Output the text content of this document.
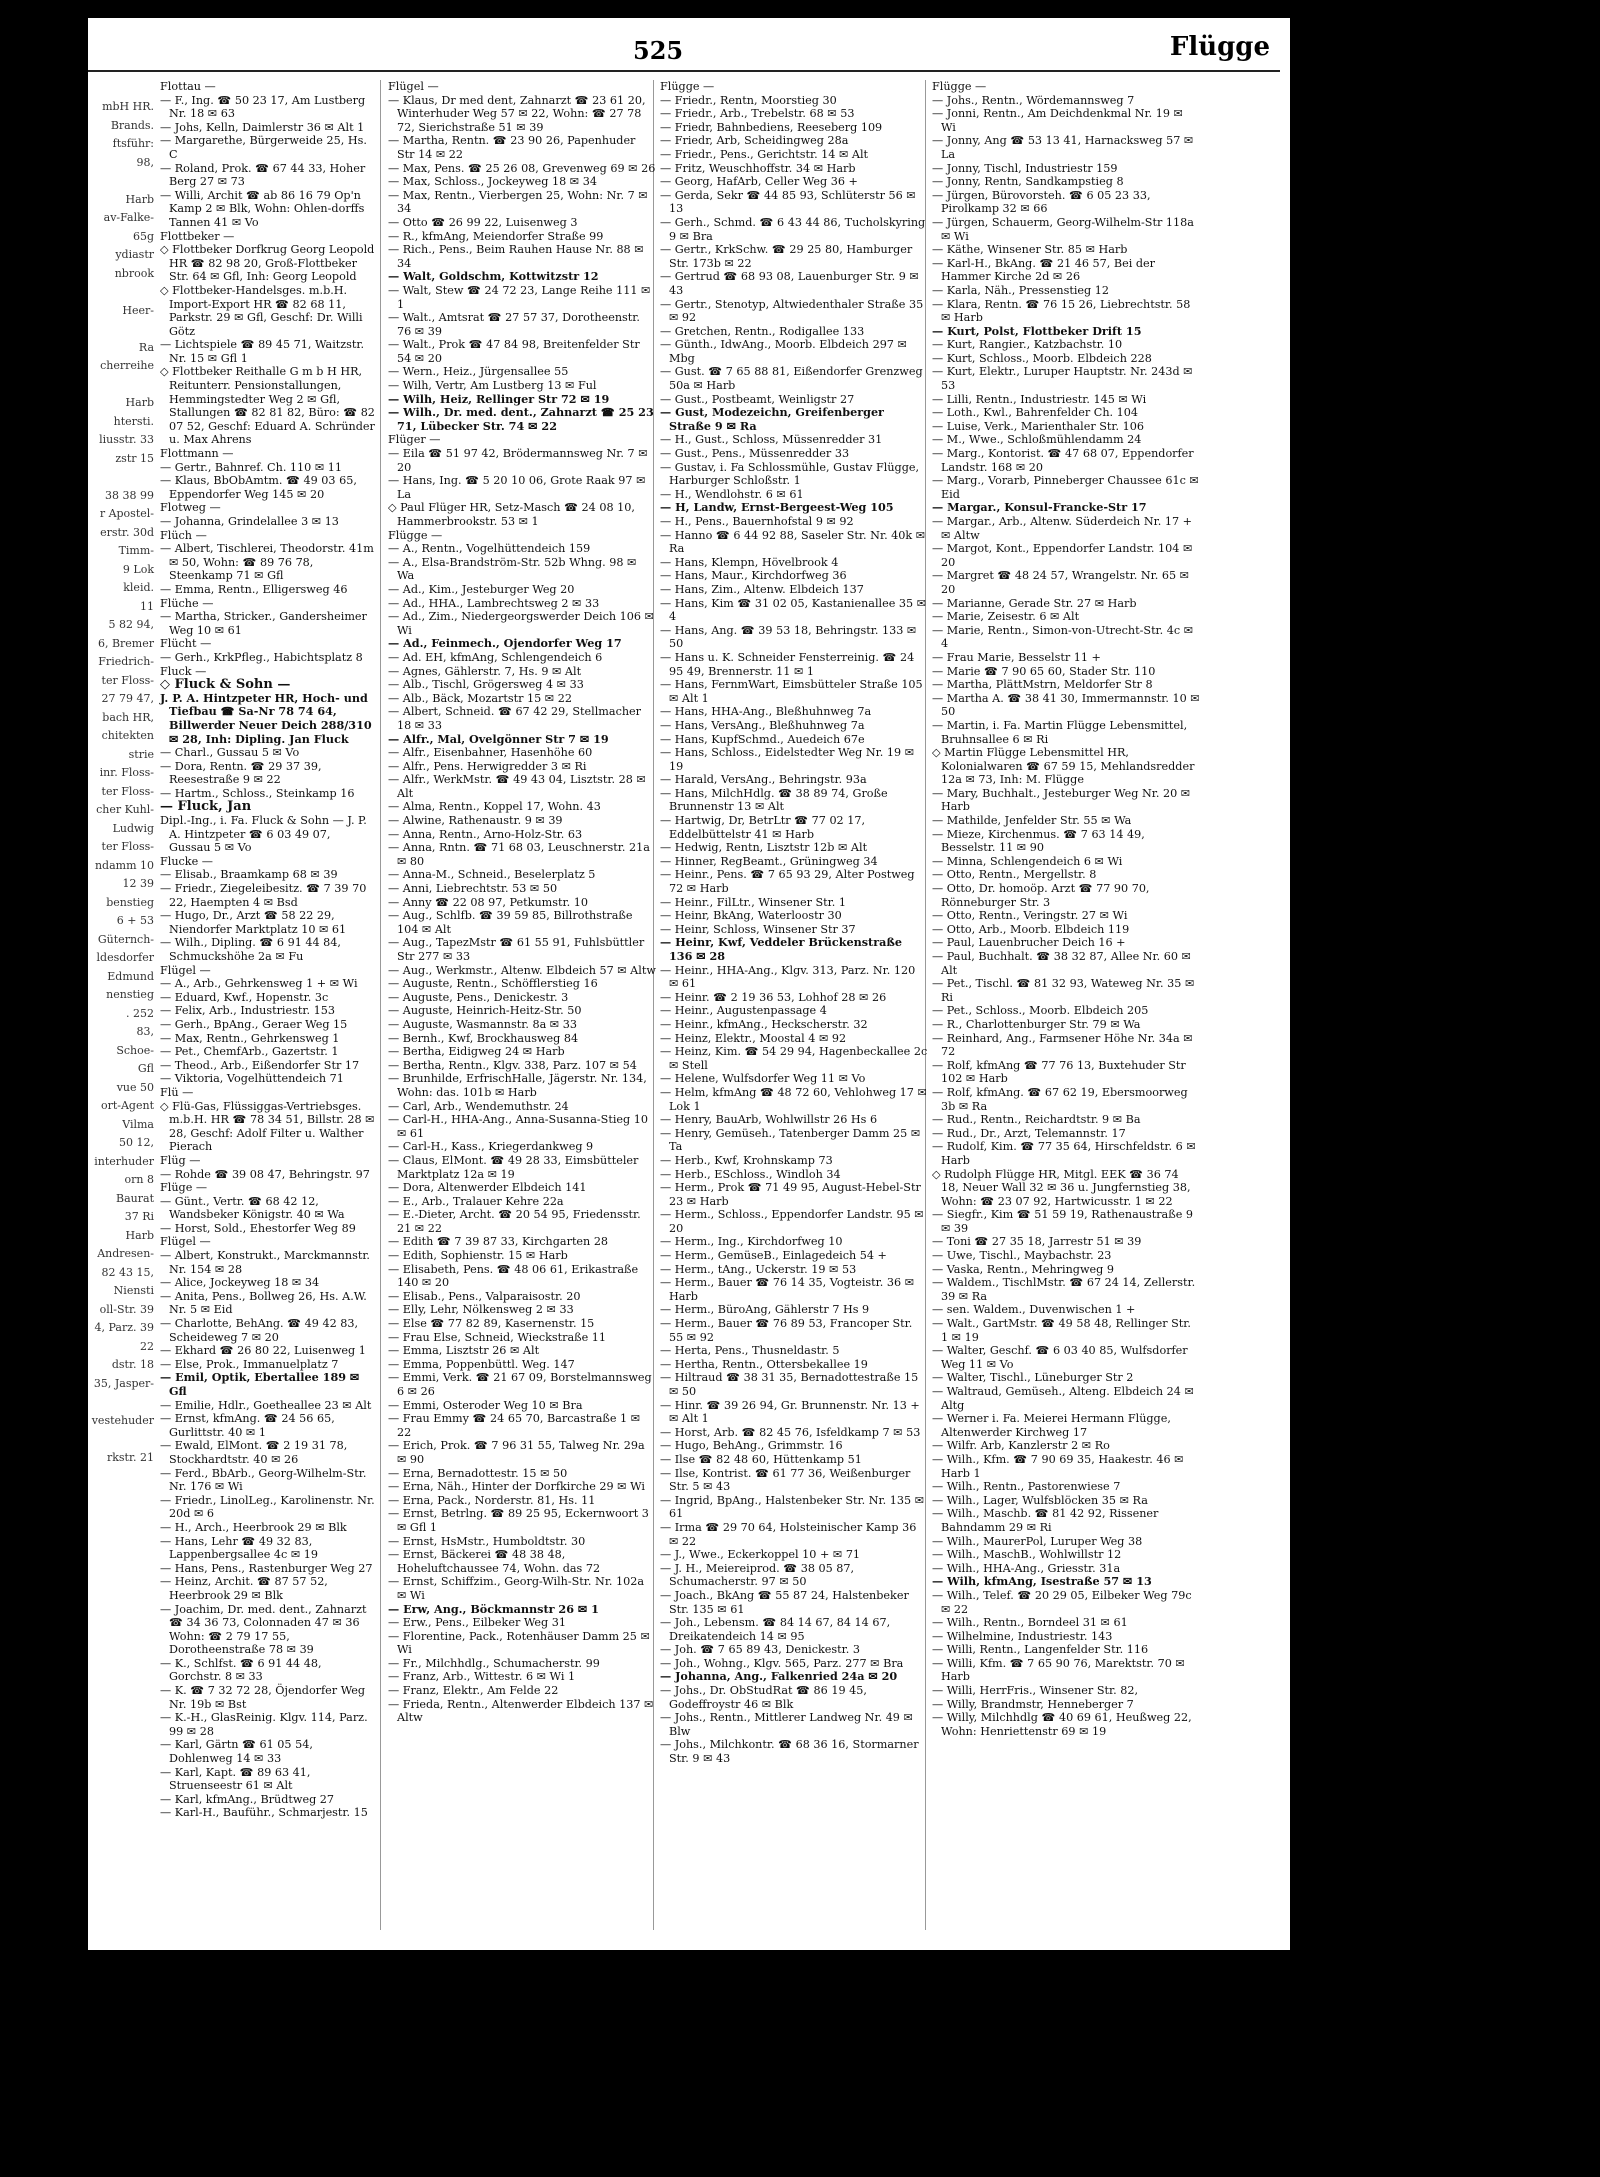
mbH HR.
Brands.
ftsführ:
98,

Harb
av-Falke-
65g
ydiastr
nbrook

Heer-

Ra
cherreihe

Harb
htersti.
liusstr. 33
zstr 15

38 38 99
r Apostel-
erstr. 30d
Timm-
9 Lok
kleid.
11
5 82 94,
6, Bremer
Friedrich-
ter Floss-
27 79 47,
bach HR,
chitekten
strie
inr. Floss-
ter Floss-
cher Kuhl-
Ludwig
ter Floss-
ndamm 10
12 39
benstieg
6 + 53
Güternch-
ldesdorfer
Edmund
nenstieg
. 252
83,
Schoe-
Gfl
vue 50
ort-Agent
Vilma
50 12,
interhuder
orn 8
Baurat
37 Ri
Harb
Andresen-
82 43 15,
Niensti
oll-Str. 39
4, Parz. 39
22
dstr. 18
35, Jasper-

vestehuder

rkstr. 21
525	Flügge

Flottau —

— F., Ing. ☎ 50 23 17, Am Lustberg Nr. 18 ✉ 63

— Johs, Kelln, Daimlerstr 36 ✉ Alt 1

— Margarethe, Bürgerweide 25, Hs. C

— Roland, Prok. ☎ 67 44 33, Hoher Berg 27 ✉ 73

— Willi, Archit ☎ ab 86 16 79 Op'n Kamp 2 ✉ Blk, Wohn: Ohlen-dorffs Tannen 41 ✉ Vo

Flottbeker —

◇ Flottbeker Dorfkrug Georg Leopold HR ☎ 82 98 20, Groß-Flottbeker Str. 64 ✉ Gfl, Inh: Georg Leopold

◇ Flottbeker-Handelsges. m.b.H. Import-Export HR ☎ 82 68 11, Parkstr. 29 ✉ Gfl, Geschf: Dr. Willi Götz

— Lichtspiele ☎ 89 45 71, Waitzstr. Nr. 15 ✉ Gfl 1

◇ Flottbeker Reithalle G m b H HR, Reitunterr. Pensionstallungen, Hemmingstedter Weg 2 ✉ Gfl, Stallungen ☎ 82 81 82, Büro: ☎ 82 07 52, Geschf: Eduard A. Schründer u. Max Ahrens

Flottmann —

— Gertr., Bahnref. Ch. 110 ✉ 11

— Klaus, BbObAmtm. ☎ 49 03 65, Eppendorfer Weg 145 ✉ 20

Flotweg —

— Johanna, Grindelallee 3 ✉ 13

Flüch —

— Albert, Tischlerei, Theodorstr. 41m ✉ 50, Wohn: ☎ 89 76 78, Steenkamp 71 ✉ Gfl

— Emma, Rentn., Elligersweg 46

Flüche —

— Martha, Stricker., Gandersheimer Weg 10 ✉ 61

Flücht —

— Gerh., KrkPfleg., Habichtsplatz 8

Fluck —

◇ Fluck & Sohn —

J. P. A. Hintzpeter HR, Hoch- und Tiefbau ☎ Sa-Nr 78 74 64, Billwerder Neuer Deich 288/310 ✉ 28, Inh: Dipling. Jan Fluck

— Charl., Gussau 5 ✉ Vo

— Dora, Rentn. ☎ 29 37 39, Reesestraße 9 ✉ 22

— Hartm., Schloss., Steinkamp 16

— Fluck, Jan

Dipl.-Ing., i. Fa. Fluck & Sohn — J. P. A. Hintzpeter ☎ 6 03 49 07, Gussau 5 ✉ Vo

Flucke —

— Elisab., Braamkamp 68 ✉ 39

— Friedr., Ziegeleibesitz. ☎ 7 39 70 22, Haempten 4 ✉ Bsd

— Hugo, Dr., Arzt ☎ 58 22 29, Niendorfer Marktplatz 10 ✉ 61

— Wilh., Dipling. ☎ 6 91 44 84, Schmuckshöhe 2a ✉ Fu

Flügel —

— A., Arb., Gehrkensweg 1 + ✉ Wi

— Eduard, Kwf., Hopenstr. 3c

— Felix, Arb., Industriestr. 153

— Gerh., BpAng., Geraer Weg 15

— Max, Rentn., Gehrkensweg 1

— Pet., ChemfArb., Gazertstr. 1

— Theod., Arb., Eißendorfer Str 17

— Viktoria, Vogelhüttendeich 71

Flü —

◇ Flü-Gas, Flüssiggas-Vertriebsges. m.b.H. HR ☎ 78 34 51, Billstr. 28 ✉ 28, Geschf: Adolf Filter u. Walther Pierach

Flüg —

— Rohde ☎ 39 08 47, Behringstr. 97

Flüge —

— Günt., Vertr. ☎ 68 42 12, Wandsbeker Königstr. 40 ✉ Wa

— Horst, Sold., Ehestorfer Weg 89

Flügel —

— Albert, Konstrukt., Marckmannstr. Nr. 154 ✉ 28

— Alice, Jockeyweg 18 ✉ 34

— Anita, Pens., Bollweg 26, Hs. A.W. Nr. 5 ✉ Eid

— Charlotte, BehAng. ☎ 49 42 83, Scheideweg 7 ✉ 20

— Ekhard ☎ 26 80 22, Luisenweg 1

— Else, Prok., Immanuelplatz 7

— Emil, Optik, Ebertallee 189 ✉ Gfl

— Emilie, Hdlr., Goetheallee 23 ✉ Alt

— Ernst, kfmAng. ☎ 24 56 65, Gurlittstr. 40 ✉ 1

— Ewald, ElMont. ☎ 2 19 31 78, Stockhardtstr. 40 ✉ 26

— Ferd., BbArb., Georg-Wilhelm-Str. Nr. 176 ✉ Wi

— Friedr., LinolLeg., Karolinenstr. Nr. 20d ✉ 6

— H., Arch., Heerbrook 29 ✉ Blk

— Hans, Lehr ☎ 49 32 83, Lappenbergsallee 4c ✉ 19

— Hans, Pens., Rastenburger Weg 27

— Heinz, Archit. ☎ 87 57 52, Heerbrook 29 ✉ Blk

— Joachim, Dr. med. dent., Zahnarzt ☎ 34 36 73, Colonnaden 47 ✉ 36 Wohn: ☎ 2 79 17 55, Dorotheenstraße 78 ✉ 39

— K., Schlfst. ☎ 6 91 44 48, Gorchstr. 8 ✉ 33

— K. ☎ 7 32 72 28, Öjendorfer Weg Nr. 19b ✉ Bst

— K.-H., GlasReinig. Klgv. 114, Parz. 99 ✉ 28

— Karl, Gärtn ☎ 61 05 54, Dohlenweg 14 ✉ 33

— Karl, Kapt. ☎ 89 63 41, Struenseestr 61 ✉ Alt

— Karl, kfmAng., Brüdtweg 27

— Karl-H., Bauführ., Schmarjestr. 15

Flügel —

— Klaus, Dr med dent, Zahnarzt ☎ 23 61 20, Winterhuder Weg 57 ✉ 22, Wohn: ☎ 27 78 72, Sierichstraße 51 ✉ 39

— Martha, Rentn. ☎ 23 90 26, Papenhuder Str 14 ✉ 22

— Max, Pens. ☎ 25 26 08, Grevenweg 69 ✉ 26

— Max, Schloss., Jockeyweg 18 ✉ 34

— Max, Rentn., Vierbergen 25, Wohn: Nr. 7 ✉ 34

— Otto ☎ 26 99 22, Luisenweg 3

— R., kfmAng, Meiendorfer Straße 99

— Rich., Pens., Beim Rauhen Hause Nr. 88 ✉ 34

— Walt, Goldschm, Kottwitzstr 12

— Walt, Stew ☎ 24 72 23, Lange Reihe 111 ✉ 1

— Walt., Amtsrat ☎ 27 57 37, Dorotheenstr. 76 ✉ 39

— Walt., Prok ☎ 47 84 98, Breitenfelder Str 54 ✉ 20

— Wern., Heiz., Jürgensallee 55

— Wilh, Vertr, Am Lustberg 13 ✉ Ful

— Wilh, Heiz, Rellinger Str 72 ✉ 19

— Wilh., Dr. med. dent., Zahnarzt ☎ 25 23 71, Lübecker Str. 74 ✉ 22

Flüger —

— Eila ☎ 51 97 42, Brödermannsweg Nr. 7 ✉ 20

— Hans, Ing. ☎ 5 20 10 06, Grote Raak 97 ✉ La

◇ Paul Flüger HR, Setz-Masch ☎ 24 08 10, Hammerbrookstr. 53 ✉ 1

Flügge —

— A., Rentn., Vogelhüttendeich 159

— A., Elsa-Brandström-Str. 52b Whng. 98 ✉ Wa

— Ad., Kim., Jesteburger Weg 20

— Ad., HHA., Lambrechtsweg 2 ✉ 33

— Ad., Zim., Niedergeorgswerder Deich 106 ✉ Wi

— Ad., Feinmech., Ojendorfer Weg 17

— Ad. EH, kfmAng, Schlengendeich 6

— Agnes, Gählerstr. 7, Hs. 9 ✉ Alt

— Alb., Tischl, Grögersweg 4 ✉ 33

— Alb., Bäck, Mozartstr 15 ✉ 22

— Albert, Schneid. ☎ 67 42 29, Stellmacher 18 ✉ 33

— Alfr., Mal, Ovelgönner Str 7 ✉ 19

— Alfr., Eisenbahner, Hasenhöhe 60

— Alfr., Pens. Herwigredder 3 ✉ Ri

— Alfr., WerkMstr. ☎ 49 43 04, Lisztstr. 28 ✉ Alt

— Alma, Rentn., Koppel 17, Wohn. 43

— Alwine, Rathenaustr. 9 ✉ 39

— Anna, Rentn., Arno-Holz-Str. 63

— Anna, Rntn. ☎ 71 68 03, Leuschnerstr. 21a ✉ 80

— Anna-M., Schneid., Beselerplatz 5

— Anni, Liebrechtstr. 53 ✉ 50

— Anny ☎ 22 08 97, Petkumstr. 10

— Aug., Schlfb. ☎ 39 59 85, Billrothstraße 104 ✉ Alt

— Aug., TapezMstr ☎ 61 55 91, Fuhlsbüttler Str 277 ✉ 33

— Aug., Werkmstr., Altenw. Elbdeich 57 ✉ Altw

— Auguste, Rentn., Schöfflerstieg 16

— Auguste, Pens., Denickestr. 3

— Auguste, Heinrich-Heitz-Str. 50

— Auguste, Wasmannstr. 8a ✉ 33

— Bernh., Kwf, Brockhausweg 84

— Bertha, Eidigweg 24 ✉ Harb

— Bertha, Rentn., Klgv. 338, Parz. 107 ✉ 54

— Brunhilde, ErfrischHalle, Jägerstr. Nr. 134, Wohn: das. 101b ✉ Harb

— Carl, Arb., Wendemuthstr. 24

— Carl-H., HHA-Ang., Anna-Susanna-Stieg 10 ✉ 61

— Carl-H., Kass., Kriegerdankweg 9

— Claus, ElMont. ☎ 49 28 33, Eimsbütteler Marktplatz 12a ✉ 19

— Dora, Altenwerder Elbdeich 141

— E., Arb., Tralauer Kehre 22a

— E.-Dieter, Archt. ☎ 20 54 95, Friedensstr. 21 ✉ 22

— Edith ☎ 7 39 87 33, Kirchgarten 28

— Edith, Sophienstr. 15 ✉ Harb

— Elisabeth, Pens. ☎ 48 06 61, Erikastraße 140 ✉ 20

— Elisab., Pens., Valparaisostr. 20

— Elly, Lehr, Nölkensweg 2 ✉ 33

— Else ☎ 77 82 89, Kasernenstr. 15

— Frau Else, Schneid, Wieckstraße 11

— Emma, Lisztstr 26 ✉ Alt

— Emma, Poppenbüttl. Weg. 147

— Emmi, Verk. ☎ 21 67 09, Borstelmannsweg 6 ✉ 26

— Emmi, Osteroder Weg 10 ✉ Bra

— Frau Emmy ☎ 24 65 70, Barcastraße 1 ✉ 22

— Erich, Prok. ☎ 7 96 31 55, Talweg Nr. 29a ✉ 90

— Erna, Bernadottestr. 15 ✉ 50

— Erna, Näh., Hinter der Dorfkirche 29 ✉ Wi

— Erna, Pack., Norderstr. 81, Hs. 11

— Ernst, Betrlng. ☎ 89 25 95, Eckernwoort 3 ✉ Gfl 1

— Ernst, HsMstr., Humboldtstr. 30

— Ernst, Bäckerei ☎ 48 38 48, Hoheluftchaussee 74, Wohn. das 72

— Ernst, Schiffzim., Georg-Wilh-Str. Nr. 102a ✉ Wi

— Erw, Ang., Böckmannstr 26 ✉ 1

— Erw., Pens., Eilbeker Weg 31

— Florentine, Pack., Rotenhäuser Damm 25 ✉ Wi

— Fr., Milchhdlg., Schumacherstr. 99

— Franz, Arb., Wittestr. 6 ✉ Wi 1

— Franz, Elektr., Am Felde 22

— Frieda, Rentn., Altenwerder Elbdeich 137 ✉ Altw

Flügge —

— Friedr., Rentn, Moorstieg 30

— Friedr., Arb., Trebelstr. 68 ✉ 53

— Friedr, Bahnbediens, Reeseberg 109

— Friedr, Arb, Scheidingweg 28a

— Friedr., Pens., Gerichtstr. 14 ✉ Alt

— Fritz, Weuschhoffstr. 34 ✉ Harb

— Georg, HafArb, Celler Weg 36 +

— Gerda, Sekr ☎ 44 85 93, Schlüterstr 56 ✉ 13

— Gerh., Schmd. ☎ 6 43 44 86, Tucholskyring 9 ✉ Bra

— Gertr., KrkSchw. ☎ 29 25 80, Hamburger Str. 173b ✉ 22

— Gertrud ☎ 68 93 08, Lauenburger Str. 9 ✉ 43

— Gertr., Stenotyp, Altwiedenthaler Straße 35 ✉ 92

— Gretchen, Rentn., Rodigallee 133

— Günth., IdwAng., Moorb. Elbdeich 297 ✉ Mbg

— Gust. ☎ 7 65 88 81, Eißendorfer Grenzweg 50a ✉ Harb

— Gust., Postbeamt, Weinligstr 27

— Gust, Modezeichn, Greifenberger Straße 9 ✉ Ra

— H., Gust., Schloss, Müssenredder 31

— Gust., Pens., Müssenredder 33

— Gustav, i. Fa Schlossmühle, Gustav Flügge, Harburger Schloßstr. 1

— H., Wendlohstr. 6 ✉ 61

— H, Landw, Ernst-Bergeest-Weg 105

— H., Pens., Bauernhofstal 9 ✉ 92

— Hanno ☎ 6 44 92 88, Saseler Str. Nr. 40k ✉ Ra

— Hans, Klempn, Hövelbrook 4

— Hans, Maur., Kirchdorfweg 36

— Hans, Zim., Altenw. Elbdeich 137

— Hans, Kim ☎ 31 02 05, Kastanienallee 35 ✉ 4

— Hans, Ang. ☎ 39 53 18, Behringstr. 133 ✉ 50

— Hans u. K. Schneider Fensterreinig. ☎ 24 95 49, Brennerstr. 11 ✉ 1

— Hans, FernmWart, Eimsbütteler Straße 105 ✉ Alt 1

— Hans, HHA-Ang., Bleßhuhnweg 7a

— Hans, VersAng., Bleßhuhnweg 7a

— Hans, KupfSchmd., Auedeich 67e

— Hans, Schloss., Eidelstedter Weg Nr. 19 ✉ 19

— Harald, VersAng., Behringstr. 93a

— Hans, MilchHdlg. ☎ 38 89 74, Große Brunnenstr 13 ✉ Alt

— Hartwig, Dr, BetrLtr ☎ 77 02 17, Eddelbüttelstr 41 ✉ Harb

— Hedwig, Rentn, Lisztstr 12b ✉ Alt

— Hinner, RegBeamt., Grüningweg 34

— Heinr., Pens. ☎ 7 65 93 29, Alter Postweg 72 ✉ Harb

— Heinr., FilLtr., Winsener Str. 1

— Heinr, BkAng, Waterloostr 30

— Heinr, Schloss, Winsener Str 37

— Heinr, Kwf, Veddeler Brückenstraße 136 ✉ 28

— Heinr., HHA-Ang., Klgv. 313, Parz. Nr. 120 ✉ 61

— Heinr. ☎ 2 19 36 53, Lohhof 28 ✉ 26

— Heinr., Augustenpassage 4

— Heinr., kfmAng., Heckscherstr. 32

— Heinz, Elektr., Moostal 4 ✉ 92

— Heinz, Kim. ☎ 54 29 94, Hagenbeckallee 2c ✉ Stell

— Helene, Wulfsdorfer Weg 11 ✉ Vo

— Helm, kfmAng ☎ 48 72 60, Vehlohweg 17 ✉ Lok 1

— Henry, BauArb, Wohlwillstr 26 Hs 6

— Henry, Gemüseh., Tatenberger Damm 25 ✉ Ta

— Herb., Kwf, Krohnskamp 73

— Herb., ESchloss., Windloh 34

— Herm., Prok ☎ 71 49 95, August-Hebel-Str 23 ✉ Harb

— Herm., Schloss., Eppendorfer Landstr. 95 ✉ 20

— Herm., Ing., Kirchdorfweg 10

— Herm., GemüseB., Einlagedeich 54 +

— Herm., tAng., Uckerstr. 19 ✉ 53

— Herm., Bauer ☎ 76 14 35, Vogteistr. 36 ✉ Harb

— Herm., BüroAng, Gählerstr 7 Hs 9

— Herm., Bauer ☎ 76 89 53, Francoper Str. 55 ✉ 92

— Herta, Pens., Thusneldastr. 5

— Hertha, Rentn., Ottersbekallee 19

— Hiltraud ☎ 38 31 35, Bernadottestraße 15 ✉ 50

— Hinr. ☎ 39 26 94, Gr. Brunnenstr. Nr. 13 + ✉ Alt 1

— Horst, Arb. ☎ 82 45 76, Isfeldkamp 7 ✉ 53

— Hugo, BehAng., Grimmstr. 16

— Ilse ☎ 82 48 60, Hüttenkamp 51

— Ilse, Kontrist. ☎ 61 77 36, Weißenburger Str. 5 ✉ 43

— Ingrid, BpAng., Halstenbeker Str. Nr. 135 ✉ 61

— Irma ☎ 29 70 64, Holsteinischer Kamp 36 ✉ 22

— J., Wwe., Eckerkoppel 10 + ✉ 71

— J. H., Meiereiprod. ☎ 38 05 87, Schumacherstr. 97 ✉ 50

— Joach., BkAng ☎ 55 87 24, Halstenbeker Str. 135 ✉ 61

— Joh., Lebensm. ☎ 84 14 67, 84 14 67, Dreikatendeich 14 ✉ 95

— Joh. ☎ 7 65 89 43, Denickestr. 3

— Joh., Wohng., Klgv. 565, Parz. 277 ✉ Bra

— Johanna, Ang., Falkenried 24a ✉ 20

— Johs., Dr. ObStudRat ☎ 86 19 45, Godeffroystr 46 ✉ Blk

— Johs., Rentn., Mittlerer Landweg Nr. 49 ✉ Blw

— Johs., Milchkontr. ☎ 68 36 16, Stormarner Str. 9 ✉ 43

Flügge —

— Johs., Rentn., Wördemannsweg 7

— Jonni, Rentn., Am Deichdenkmal Nr. 19 ✉ Wi

— Jonny, Ang ☎ 53 13 41, Harnacksweg 57 ✉ La

— Jonny, Tischl, Industriestr 159

— Jonny, Rentn, Sandkampstieg 8

— Jürgen, Bürovorsteh. ☎ 6 05 23 33, Pirolkamp 32 ✉ 66

— Jürgen, Schauerm, Georg-Wilhelm-Str 118a ✉ Wi

— Käthe, Winsener Str. 85 ✉ Harb

— Karl-H., BkAng. ☎ 21 46 57, Bei der Hammer Kirche 2d ✉ 26

— Karla, Näh., Pressenstieg 12

— Klara, Rentn. ☎ 76 15 26, Liebrechtstr. 58 ✉ Harb

— Kurt, Polst, Flottbeker Drift 15

— Kurt, Rangier., Katzbachstr. 10

— Kurt, Schloss., Moorb. Elbdeich 228

— Kurt, Elektr., Luruper Hauptstr. Nr. 243d ✉ 53

— Lilli, Rentn., Industriestr. 145 ✉ Wi

— Loth., Kwl., Bahrenfelder Ch. 104

— Luise, Verk., Marienthaler Str. 106

— M., Wwe., Schloßmühlendamm 24

— Marg., Kontorist. ☎ 47 68 07, Eppendorfer Landstr. 168 ✉ 20

— Marg., Vorarb, Pinneberger Chaussee 61c ✉ Eid

— Margar., Konsul-Francke-Str 17

— Margar., Arb., Altenw. Süderdeich Nr. 17 + ✉ Altw

— Margot, Kont., Eppendorfer Landstr. 104 ✉ 20

— Margret ☎ 48 24 57, Wrangelstr. Nr. 65 ✉ 20

— Marianne, Gerade Str. 27 ✉ Harb

— Marie, Zeisestr. 6 ✉ Alt

— Marie, Rentn., Simon-von-Utrecht-Str. 4c ✉ 4

— Frau Marie, Besselstr 11 +

— Marie ☎ 7 90 65 60, Stader Str. 110

— Martha, PlättMstrn, Meldorfer Str 8

— Martha A. ☎ 38 41 30, Immermannstr. 10 ✉ 50

— Martin, i. Fa. Martin Flügge Lebensmittel, Bruhnsallee 6 ✉ Ri

◇ Martin Flügge Lebensmittel HR, Kolonialwaren ☎ 67 59 15, Mehlandsredder 12a ✉ 73, Inh: M. Flügge

— Mary, Buchhalt., Jesteburger Weg Nr. 20 ✉ Harb

— Mathilde, Jenfelder Str. 55 ✉ Wa

— Mieze, Kirchenmus. ☎ 7 63 14 49, Besselstr. 11 ✉ 90

— Minna, Schlengendeich 6 ✉ Wi

— Otto, Rentn., Mergellstr. 8

— Otto, Dr. homoöp. Arzt ☎ 77 90 70, Rönneburger Str. 3

— Otto, Rentn., Veringstr. 27 ✉ Wi

— Otto, Arb., Moorb. Elbdeich 119

— Paul, Lauenbrucher Deich 16 +

— Paul, Buchhalt. ☎ 38 32 87, Allee Nr. 60 ✉ Alt

— Pet., Tischl. ☎ 81 32 93, Wateweg Nr. 35 ✉ Ri

— Pet., Schloss., Moorb. Elbdeich 205

— R., Charlottenburger Str. 79 ✉ Wa

— Reinhard, Ang., Farmsener Höhe Nr. 34a ✉ 72

— Rolf, kfmAng ☎ 77 76 13, Buxtehuder Str 102 ✉ Harb

— Rolf, kfmAng. ☎ 67 62 19, Ebersmoorweg 3b ✉ Ra

— Rud., Rentn., Reichardtstr. 9 ✉ Ba

— Rud., Dr., Arzt, Telemannstr. 17

— Rudolf, Kim. ☎ 77 35 64, Hirschfeldstr. 6 ✉ Harb

◇ Rudolph Flügge HR, Mitgl. EEK ☎ 36 74 18, Neuer Wall 32 ✉ 36 u. Jungfernstieg 38, Wohn: ☎ 23 07 92, Hartwicusstr. 1 ✉ 22

— Siegfr., Kim ☎ 51 59 19, Rathenaustraße 9 ✉ 39

— Toni ☎ 27 35 18, Jarrestr 51 ✉ 39

— Uwe, Tischl., Maybachstr. 23

— Vaska, Rentn., Mehringweg 9

— Waldem., TischlMstr. ☎ 67 24 14, Zellerstr. 39 ✉ Ra

— sen. Waldem., Duvenwischen 1 +

— Walt., GartMstr. ☎ 49 58 48, Rellinger Str. 1 ✉ 19

— Walter, Geschf. ☎ 6 03 40 85, Wulfsdorfer Weg 11 ✉ Vo

— Walter, Tischl., Lüneburger Str 2

— Waltraud, Gemüseh., Alteng. Elbdeich 24 ✉ Altg

— Werner i. Fa. Meierei Hermann Flügge, Altenwerder Kirchweg 17

— Wilfr. Arb, Kanzlerstr 2 ✉ Ro

— Wilh., Kfm. ☎ 7 90 69 35, Haakestr. 46 ✉ Harb 1

— Wilh., Rentn., Pastorenwiese 7

— Wilh., Lager, Wulfsblöcken 35 ✉ Ra

— Wilh., Maschb. ☎ 81 42 92, Rissener Bahndamm 29 ✉ Ri

— Wilh., MaurerPol, Luruper Weg 38

— Wilh., MaschB., Wohlwillstr 12

— Wilh., HHA-Ang., Griesstr. 31a

— Wilh, kfmAng, Isestraße 57 ✉ 13

— Wilh., Telef. ☎ 20 29 05, Eilbeker Weg 79c ✉ 22

— Wilh., Rentn., Borndeel 31 ✉ 61

— Wilhelmine, Industriestr. 143

— Willi, Rentn., Langenfelder Str. 116

— Willi, Kfm. ☎ 7 65 90 76, Marektstr. 70 ✉ Harb

— Willi, HerrFris., Winsener Str. 82,

— Willy, Brandmstr, Henneberger 7

— Willy, Milchhdlg ☎ 40 69 61, Heußweg 22, Wohn: Henriettenstr 69 ✉ 19
